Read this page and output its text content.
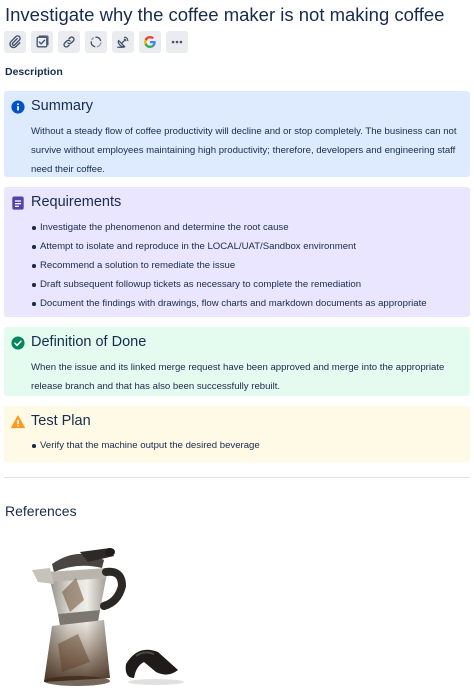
Investigate why the coffee maker is not making coffee
Description
Summary
Without a steady flow of coffee productivity will decline and or stop completely. The business can not survive without employees maintaining high productivity; therefore, developers and engineering staff need their coffee.
Requirements
Investigate the phenomenon and determine the root cause
Attempt to isolate and reproduce in the LOCAL/UAT/Sandbox environment
Recommend a solution to remediate the issue
Draft subsequent followup tickets as necessary to complete the remediation
Document the findings with drawings, flow charts and markdown documents as appropriate
Definition of Done
When the issue and its linked merge request have been approved and merge into the appropriate release branch and that has also been successfully rebuilt.
Test Plan
Verify that the machine output the desired beverage
References
